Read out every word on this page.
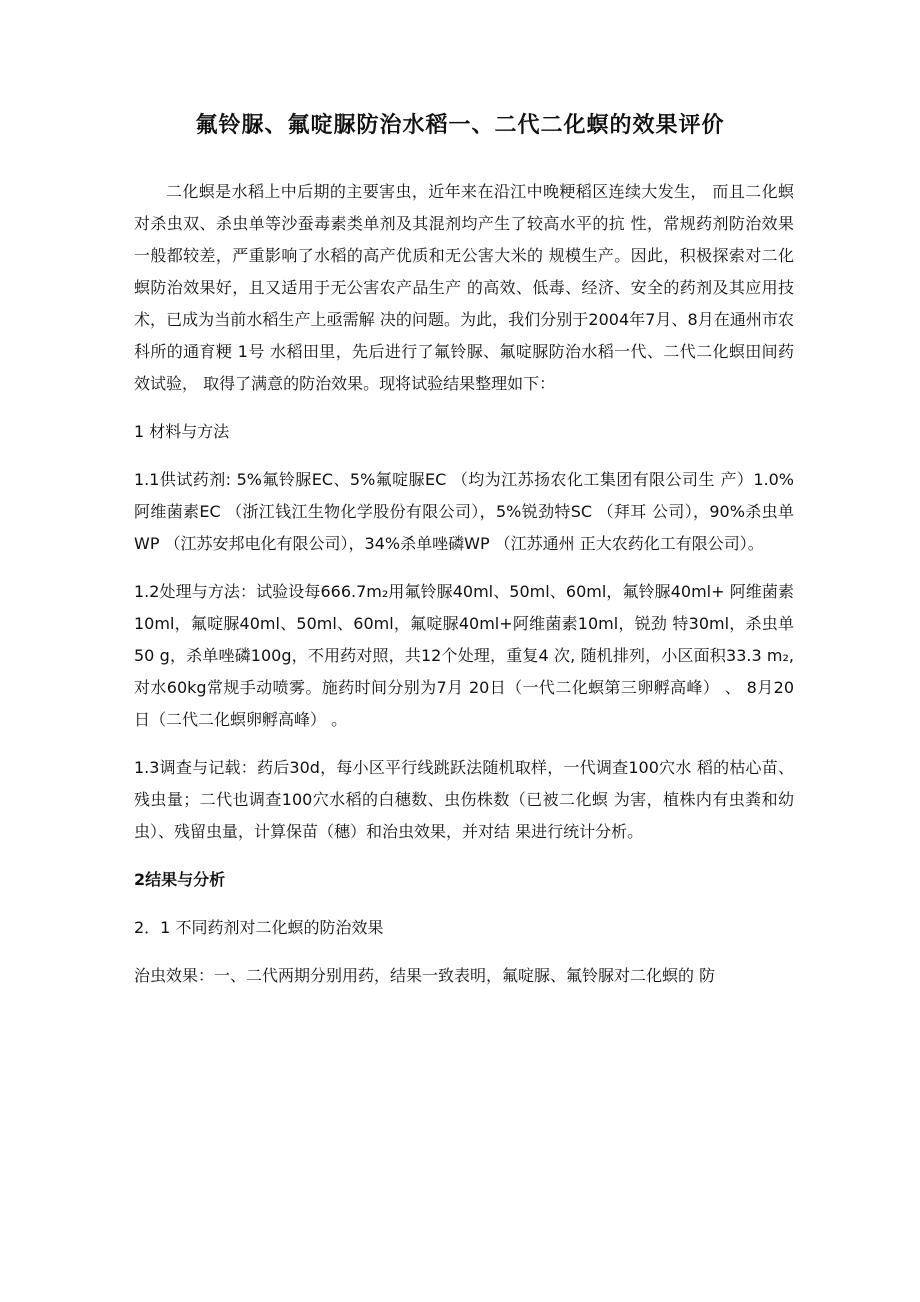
氟铃脲、氟啶脲防治水稻一、二代二化螟的效果评价

二化螟是水稻上中后期的主要害虫，近年来在沿江中晚粳稻区连续大发生， 而且二化螟对杀虫双、杀虫单等沙蚕毒素类单剂及其混剂均产生了较高水平的抗 性，常规药剂防治效果一般都较差，严重影响了水稻的高产优质和无公害大米的 规模生产。因此，积极探索对二化螟防治效果好，且又适用于无公害农产品生产 的高效、低毒、经济、安全的药剂及其应用技术，已成为当前水稻生产上亟需解 决的问题。为此，我们分别于2004年7月、8月在通州市农科所的通育粳 1号 水稻田里，先后进行了氟铃脲、氟啶脲防治水稻一代、二代二化螟田间药效试验， 取得了满意的防治效果。现将试验结果整理如下：

1 材料与方法

1.1供试药剂: 5%氟铃脲EC、5%氟啶脲EC （均为江苏扬农化工集团有限公司生 产）1.0%阿维菌素EC （浙江钱江生物化学股份有限公司），5%锐劲特SC （拜耳 公司），90%杀虫单WP （江苏安邦电化有限公司），34%杀单唑磷WP （江苏通州 正大农药化工有限公司）。

1.2处理与方法：试验设每666.7m₂用氟铃脲40ml、50ml、60ml，氟铃脲40ml+ 阿维菌素10ml，氟啶脲40ml、50ml、60ml，氟啶脲40ml+阿维菌素10ml，锐劲 特30ml，杀虫单50 g，杀单唑磷100g，不用药对照，共12个处理，重复4 次, 随机排列，小区面积33.3 m₂,对水60kg常规手动喷雾。施药时间分别为7月 20日（一代二化螟第三卵孵高峰） 、 8月20日（二代二化螟卵孵高峰） 。

1.3调查与记载：药后30d，每小区平行线跳跃法随机取样，一代调查100穴水 稻的枯心苗、残虫量；二代也调查100穴水稻的白穗数、虫伤株数（已被二化螟 为害，植株内有虫粪和幼虫）、残留虫量，计算保苗（穗）和治虫效果，并对结 果进行统计分析。

2结果与分析

2．1 不同药剂对二化螟的防治效果

治虫效果：一、二代两期分别用药，结果一致表明，氟啶脲、氟铃脲对二化螟的 防
